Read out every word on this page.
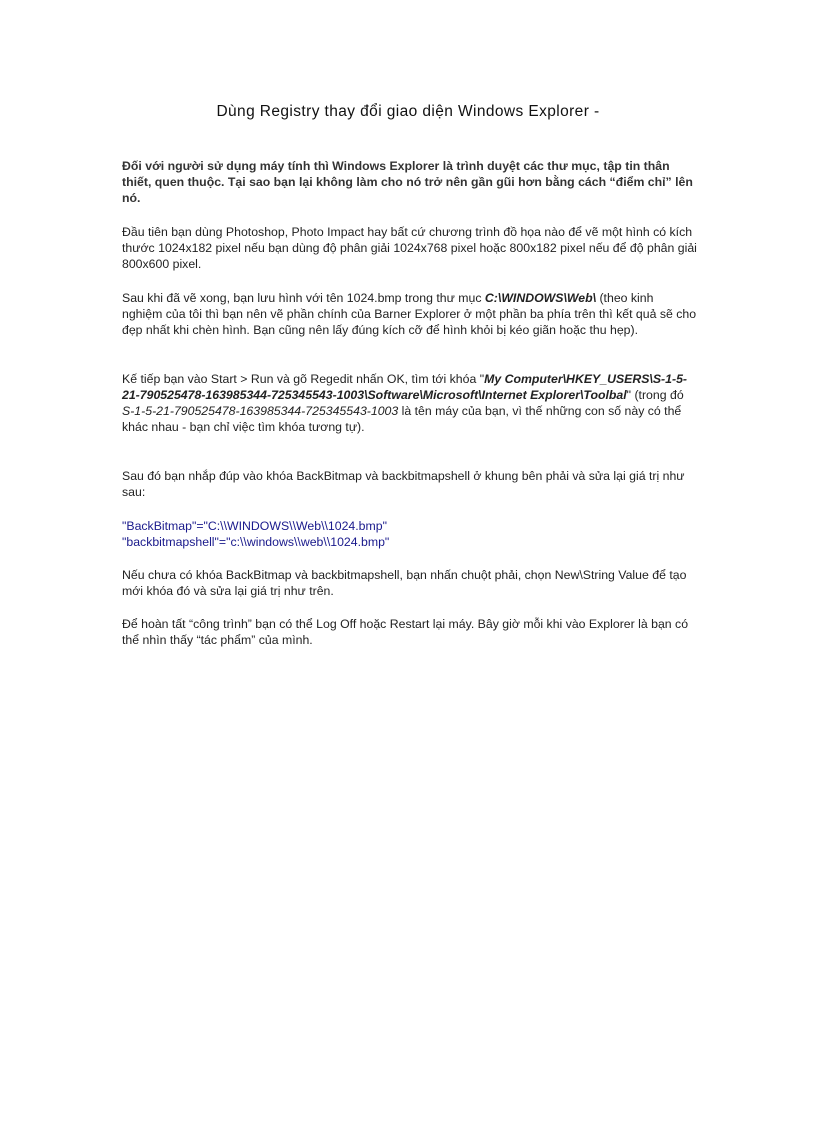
Dùng Registry thay đổi giao diện Windows Explorer -

Đối với người sử dụng máy tính thì Windows Explorer là trình duyệt các thư mục, tập tin thân thiết, quen thuộc. Tại sao bạn lại không làm cho nó trở nên gần gũi hơn bằng cách “điểm chỉ” lên nó.

Đầu tiên bạn dùng Photoshop, Photo Impact hay bất cứ chương trình đồ họa nào để vẽ một hình có kích thước 1024x182 pixel nếu bạn dùng độ phân giải 1024x768 pixel hoặc 800x182 pixel nếu để độ phân giải 800x600 pixel.

Sau khi đã vẽ xong, bạn lưu hình với tên 1024.bmp trong thư mục C:\WINDOWS\Web\ (theo kinh nghiệm của tôi thì bạn nên vẽ phần chính của Barner Explorer ở một phần ba phía trên thì kết quả sẽ cho đẹp nhất khi chèn hình. Bạn cũng nên lấy đúng kích cỡ để hình khỏi bị kéo giãn hoặc thu hẹp).

Kế tiếp bạn vào Start > Run và gõ Regedit nhấn OK, tìm tới khóa "My Computer\HKEY_USERS\S-1-5-21-790525478-163985344-725345543-1003\Software\Microsoft\Internet Explorer\Toolbal" (trong đó S-1-5-21-790525478-163985344-725345543-1003 là tên máy của bạn, vì thế những con số này có thể khác nhau - bạn chỉ việc tìm khóa tương tự).

Sau đó bạn nhắp đúp vào khóa BackBitmap và backbitmapshell ở khung bên phải và sửa lại giá trị như sau:

"BackBitmap"="C:\\WINDOWS\\Web\\1024.bmp"

"backbitmapshell"="c:\\windows\\web\\1024.bmp"

Nếu chưa có khóa BackBitmap và backbitmapshell, bạn nhấn chuột phải, chọn New\String Value để tạo mới khóa đó và sửa lại giá trị như trên.

Để hoàn tất “công trình” bạn có thể Log Off hoặc Restart lại máy. Bây giờ mỗi khi vào Explorer là bạn có thể nhìn thấy “tác phẩm” của mình.
